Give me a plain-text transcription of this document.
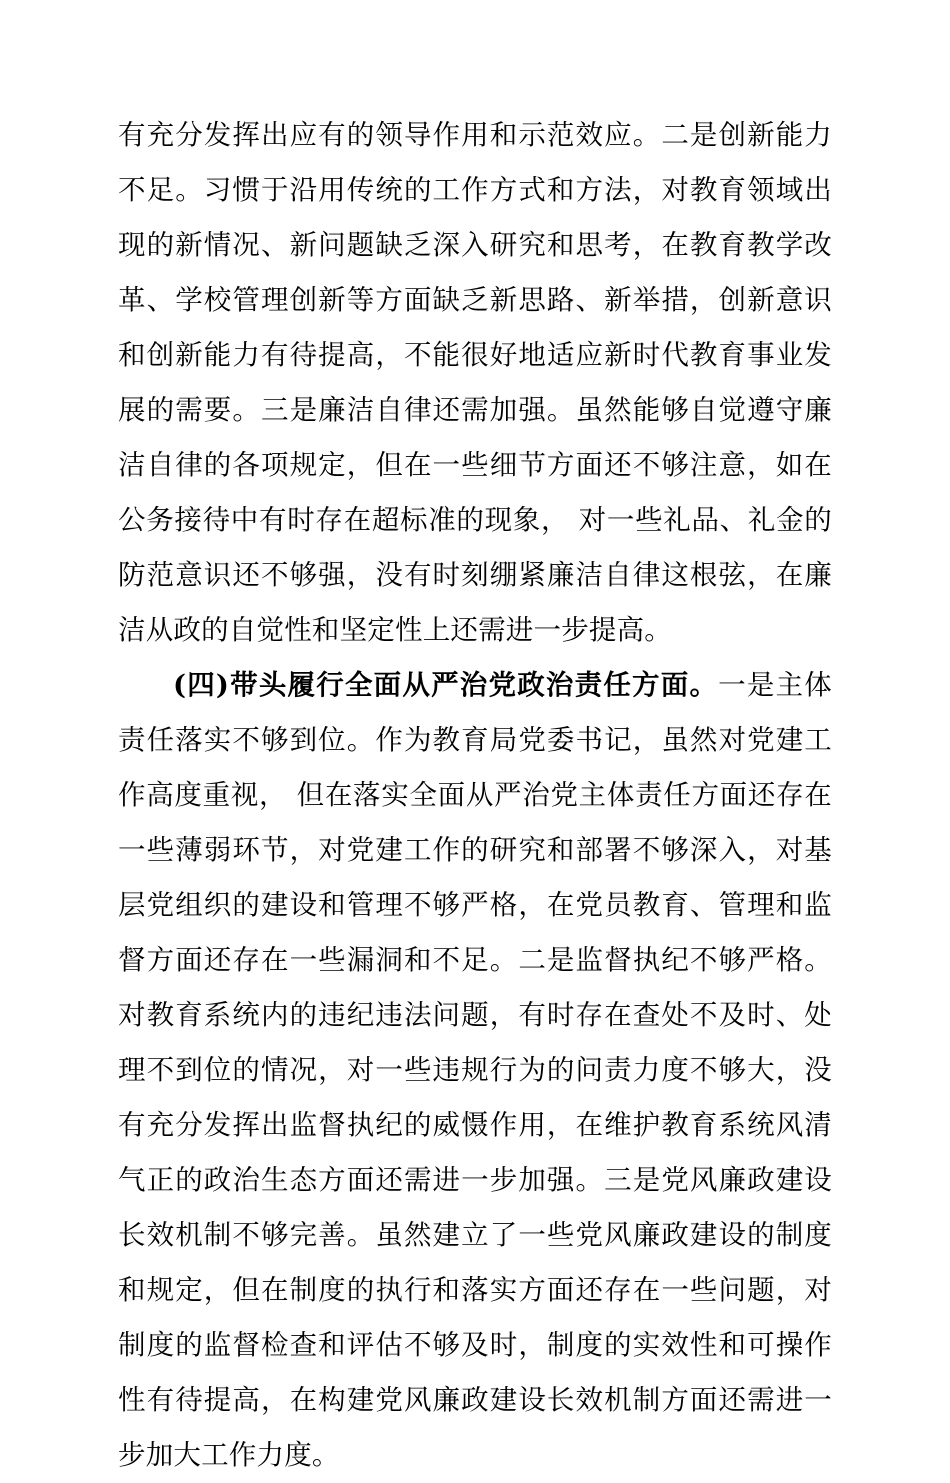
有充分发挥出应有的领导作用和示范效应。二是创新能力不足。习惯于沿用传统的工作方式和方法，对教育领域出现的新情况、新问题缺乏深入研究和思考，在教育教学改革、学校管理创新等方面缺乏新思路、新举措，创新意识和创新能力有待提高，不能很好地适应新时代教育事业发展的需要。三是廉洁自律还需加强。虽然能够自觉遵守廉洁自律的各项规定，但在一些细节方面还不够注意，如在公务接待中有时存在超标准的现象， 对一些礼品、礼金的防范意识还不够强，没有时刻绷紧廉洁自律这根弦，在廉洁从政的自觉性和坚定性上还需进一步提高。

(四)带头履行全面从严治党政治责任方面。一是主体责任落实不够到位。作为教育局党委书记，虽然对党建工作高度重视， 但在落实全面从严治党主体责任方面还存在一些薄弱环节，对党建工作的研究和部署不够深入，对基层党组织的建设和管理不够严格，在党员教育、管理和监督方面还存在一些漏洞和不足。二是监督执纪不够严格。对教育系统内的违纪违法问题，有时存在查处不及时、处理不到位的情况，对一些违规行为的问责力度不够大，没有充分发挥出监督执纪的威慑作用，在维护教育系统风清气正的政治生态方面还需进一步加强。三是党风廉政建设长效机制不够完善。虽然建立了一些党风廉政建设的制度和规定，但在制度的执行和落实方面还存在一些问题，对制度的监督检查和评估不够及时，制度的实效性和可操作性有待提高，在构建党风廉政建设长效机制方面还需进一步加大工作力度。
